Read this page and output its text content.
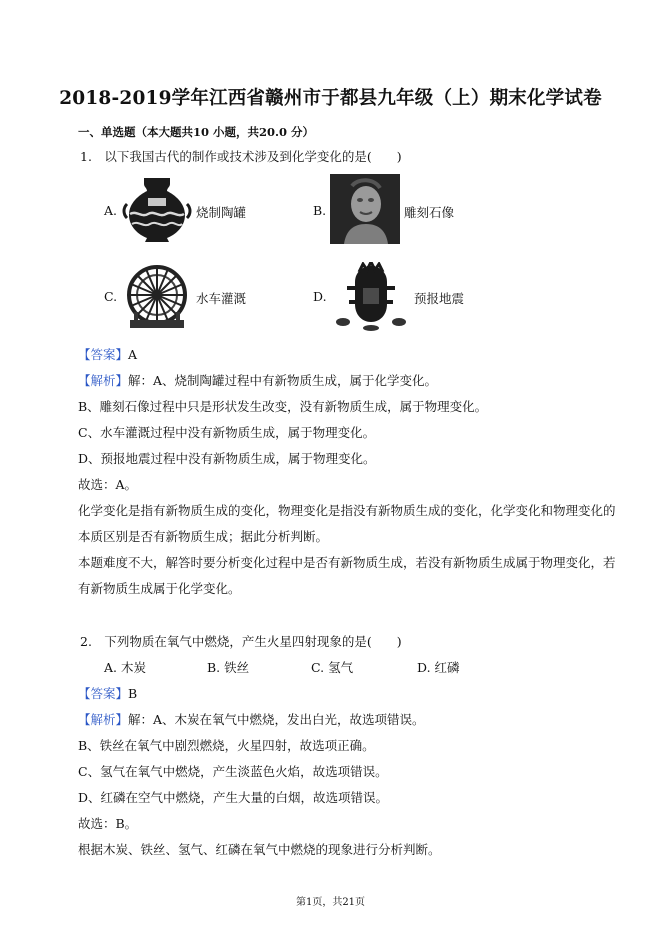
2018-2019学年江西省赣州市于都县九年级（上）期末化学试卷
一、单选题（本大题共10 小题，共20.0 分）
1.　以下我国古代的制作或技术涉及到化学变化的是(　　)
A.	烧制陶罐	B.	雕刻石像
C.	水车灌溉	D.	预报地震
【答案】A
【解析】解：A、烧制陶罐过程中有新物质生成，属于化学变化。
B、雕刻石像过程中只是形状发生改变，没有新物质生成，属于物理变化。
C、水车灌溉过程中没有新物质生成，属于物理变化。
D、预报地震过程中没有新物质生成，属于物理变化。
故选：A。
化学变化是指有新物质生成的变化，物理变化是指没有新物质生成的变化，化学变化和物理变化的
本质区别是否有新物质生成；据此分析判断。
本题难度不大，解答时要分析变化过程中是否有新物质生成，若没有新物质生成属于物理变化，若
有新物质生成属于化学变化。
2.　下列物质在氧气中燃烧，产生火星四射现象的是(　　)
A. 木炭	B. 铁丝	C. 氢气	D. 红磷
【答案】B
【解析】解：A、木炭在氧气中燃烧，发出白光，故选项错误。
B、铁丝在氧气中剧烈燃烧，火星四射，故选项正确。
C、氢气在氧气中燃烧，产生淡蓝色火焰，故选项错误。
D、红磷在空气中燃烧，产生大量的白烟，故选项错误。
故选：B。
根据木炭、铁丝、氢气、红磷在氧气中燃烧的现象进行分析判断。
第1页，共21页
